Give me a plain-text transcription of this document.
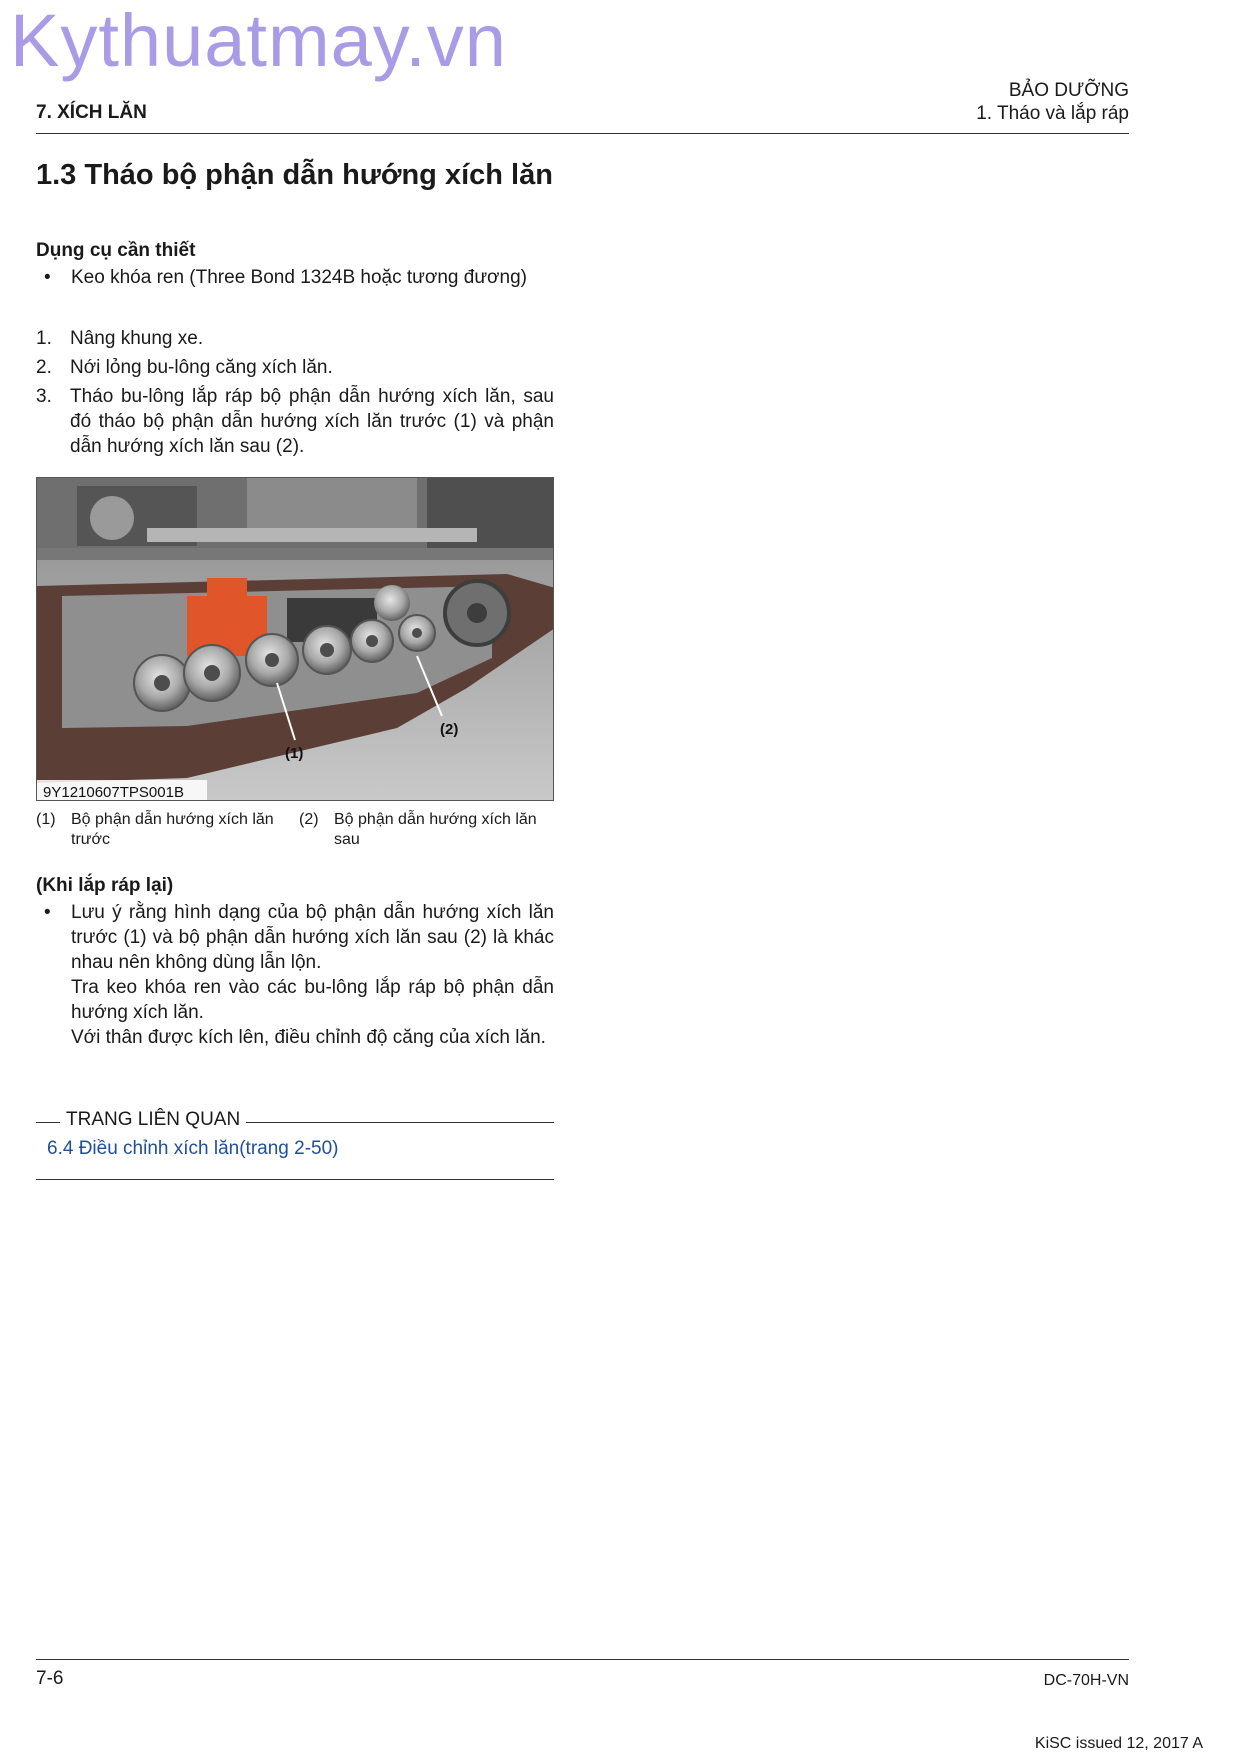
Kythuatmay.vn
7. XÍCH LĂN
BẢO DƯỠNG
1. Tháo và lắp ráp
1.3 Tháo bộ phận dẫn hướng xích lăn
Dụng cụ cần thiết
• Keo khóa ren (Three Bond 1324B hoặc tương đương)
1. Nâng khung xe.
2. Nới lỏng bu-lông căng xích lăn.
3. Tháo bu-lông lắp ráp bộ phận dẫn hướng xích lăn, sau đó tháo bộ phận dẫn hướng xích lăn trước (1) và phận dẫn hướng xích lăn sau (2).
(1)
(2)
9Y1210607TPS001B
(1) Bộ phận dẫn hướng xích lăn trước
(2) Bộ phận dẫn hướng xích lăn sau
(Khi lắp ráp lại)
• Lưu ý rằng hình dạng của bộ phận dẫn hướng xích lăn trước (1) và bộ phận dẫn hướng xích lăn sau (2) là khác nhau nên không dùng lẫn lộn.
Tra keo khóa ren vào các bu-lông lắp ráp bộ phận dẫn hướng xích lăn.
Với thân được kích lên, điều chỉnh độ căng của xích lăn.
TRANG LIÊN QUAN
6.4 Điều chỉnh xích lăn(trang 2-50)
7-6	DC-70H-VN
KiSC issued 12, 2017 A
